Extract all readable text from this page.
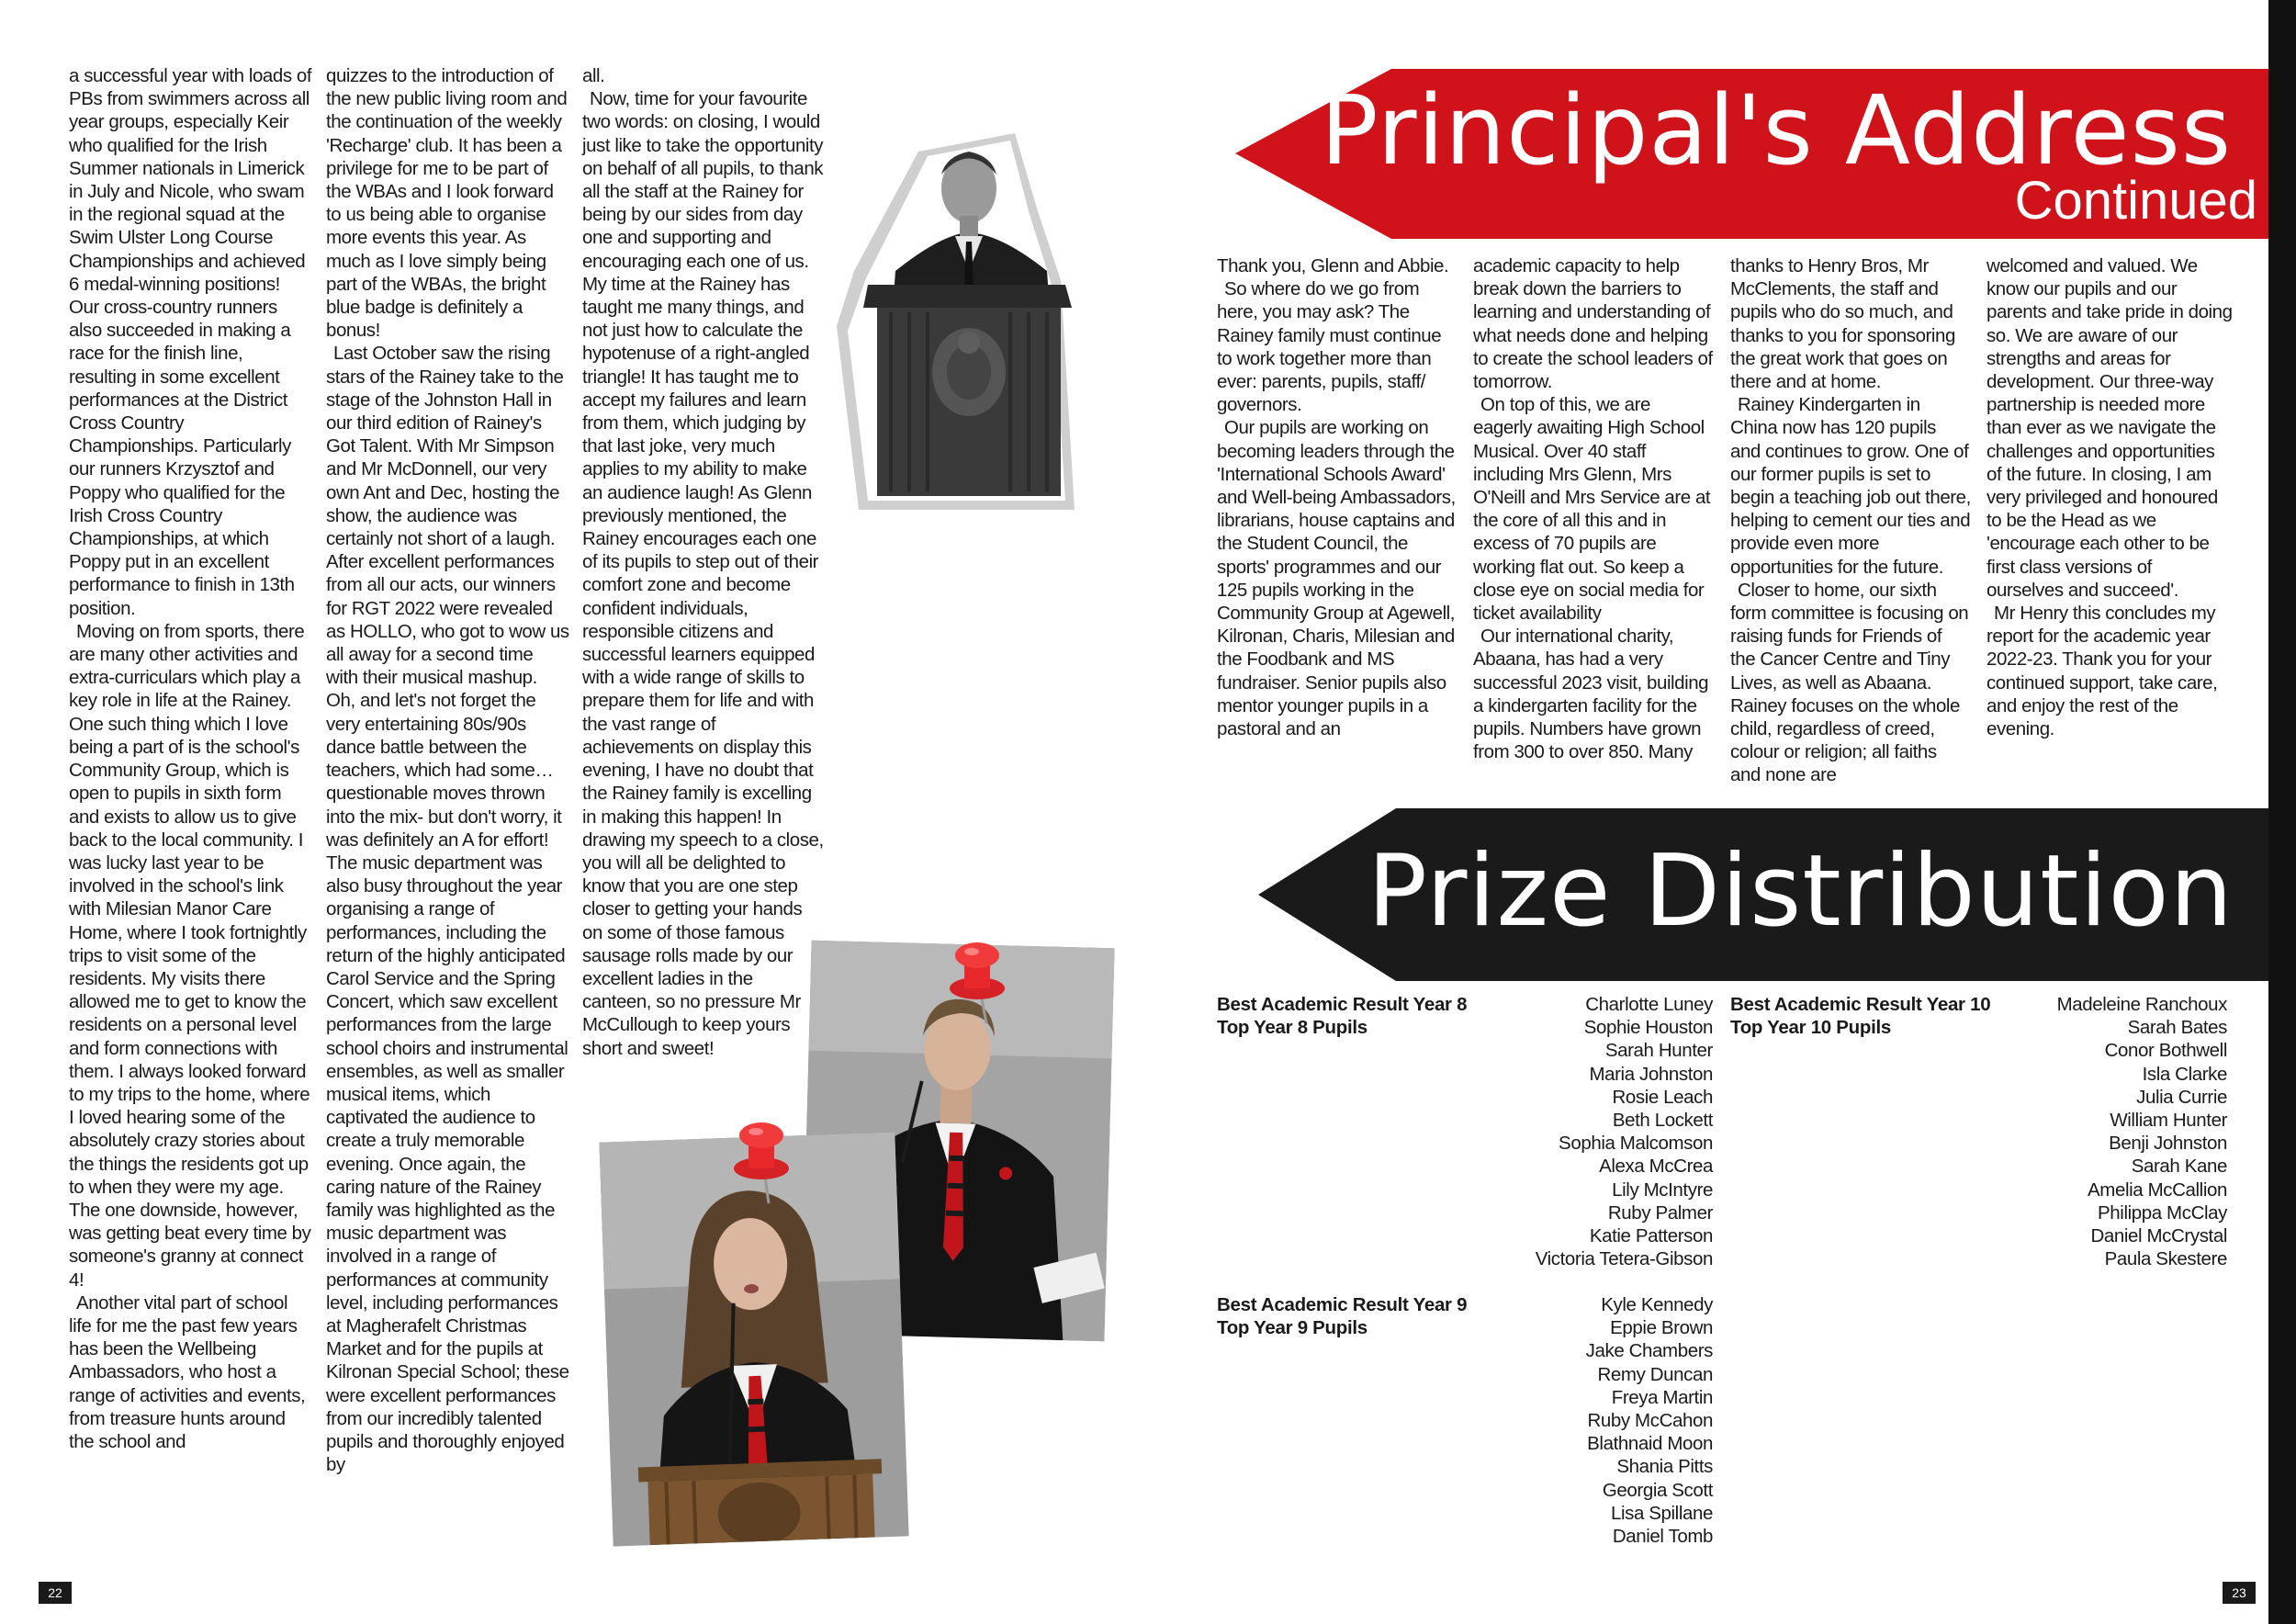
a successful year with loads of PBs from swimmers across all year groups, especially Keir who qualified for the Irish Summer nationals in Limerick in July and Nicole, who swam in the regional squad at the Swim Ulster Long Course Championships and achieved 6 medal-winning positions! Our cross-country runners also succeeded in making a race for the finish line, resulting in some excellent performances at the District Cross Country Championships. Particularly our runners Krzysztof and Poppy who qualified for the Irish Cross Country Championships, at which Poppy put in an excellent performance to finish in 13th position.

Moving on from sports, there are many other activities and extra-curriculars which play a key role in life at the Rainey. One such thing which I love being a part of is the school's Community Group, which is open to pupils in sixth form and exists to allow us to give back to the local community. I was lucky last year to be involved in the school's link with Milesian Manor Care Home, where I took fortnightly trips to visit some of the residents. My visits there allowed me to get to know the residents on a personal level and form connections with them. I always looked forward to my trips to the home, where I loved hearing some of the absolutely crazy stories about the things the residents got up to when they were my age. The one downside, however, was getting beat every time by someone's granny at connect 4!

Another vital part of school life for me the past few years has been the Wellbeing Ambassadors, who host a range of activities and events, from treasure hunts around the school and

quizzes to the introduction of the new public living room and the continuation of the weekly 'Recharge' club. It has been a privilege for me to be part of the WBAs and I look forward to us being able to organise more events this year. As much as I love simply being part of the WBAs, the bright blue badge is definitely a bonus!

Last October saw the rising stars of the Rainey take to the stage of the Johnston Hall in our third edition of Rainey's Got Talent. With Mr Simpson and Mr McDonnell, our very own Ant and Dec, hosting the show, the audience was certainly not short of a laugh. After excellent performances from all our acts, our winners for RGT 2022 were revealed as HOLLO, who got to wow us all away for a second time with their musical mashup. Oh, and let's not forget the very entertaining 80s/90s dance battle between the teachers, which had some… questionable moves thrown into the mix- but don't worry, it was definitely an A for effort! The music department was also busy throughout the year organising a range of performances, including the return of the highly anticipated Carol Service and the Spring Concert, which saw excellent performances from the large school choirs and instrumental ensembles, as well as smaller musical items, which captivated the audience to create a truly memorable evening. Once again, the caring nature of the Rainey family was highlighted as the music department was involved in a range of performances at community level, including performances at Magherafelt Christmas Market and for the pupils at Kilronan Special School; these were excellent performances from our incredibly talented pupils and thoroughly enjoyed by

all.

Now, time for your favourite two words: on closing, I would just like to take the opportunity on behalf of all pupils, to thank all the staff at the Rainey for being by our sides from day one and supporting and encouraging each one of us. My time at the Rainey has taught me many things, and not just how to calculate the hypotenuse of a right-angled triangle! It has taught me to accept my failures and learn from them, which judging by that last joke, very much applies to my ability to make an audience laugh! As Glenn previously mentioned, the Rainey encourages each one of its pupils to step out of their comfort zone and become confident individuals, responsible citizens and successful learners equipped with a wide range of skills to prepare them for life and with the vast range of achievements on display this evening, I have no doubt that the Rainey family is excelling in making this happen! In drawing my speech to a close, you will all be delighted to know that you are one step closer to getting your hands on some of those famous sausage rolls made by our excellent ladies in the canteen, so no pressure Mr McCullough to keep yours short and sweet!

Principal's Address
Continued

Thank you, Glenn and Abbie.

So where do we go from here, you may ask? The Rainey family must continue to work together more than ever: parents, pupils, staff/ governors.

Our pupils are working on becoming leaders through the 'International Schools Award' and Well-being Ambassadors, librarians, house captains and the Student Council, the sports' programmes and our 125 pupils working in the Community Group at Agewell, Kilronan, Charis, Milesian and the Foodbank and MS fundraiser. Senior pupils also mentor younger pupils in a pastoral and an

academic capacity to help break down the barriers to learning and understanding of what needs done and helping to create the school leaders of tomorrow.

On top of this, we are eagerly awaiting High School Musical. Over 40 staff including Mrs Glenn, Mrs O'Neill and Mrs Service are at the core of all this and in excess of 70 pupils are working flat out. So keep a close eye on social media for ticket availability

Our international charity, Abaana, has had a very successful 2023 visit, building a kindergarten facility for the pupils. Numbers have grown from 300 to over 850. Many

thanks to Henry Bros, Mr McClements, the staff and pupils who do so much, and thanks to you for sponsoring the great work that goes on there and at home.

Rainey Kindergarten in China now has 120 pupils and continues to grow. One of our former pupils is set to begin a teaching job out there, helping to cement our ties and provide even more opportunities for the future.

Closer to home, our sixth form committee is focusing on raising funds for Friends of the Cancer Centre and Tiny Lives, as well as Abaana. Rainey focuses on the whole child, regardless of creed, colour or religion; all faiths and none are

welcomed and valued. We know our pupils and our parents and take pride in doing so. We are aware of our strengths and areas for development. Our three-way partnership is needed more than ever as we navigate the challenges and opportunities of the future. In closing, I am very privileged and honoured to be the Head as we 'encourage each other to be first class versions of ourselves and succeed'.

Mr Henry this concludes my report for the academic year 2022-23. Thank you for your continued support, take care, and enjoy the rest of the evening.

Prize Distribution
Best Academic Result Year 8
Top Year 8 Pupils
Charlotte Luney
Sophie Houston
Sarah Hunter
Maria Johnston
Rosie Leach
Beth Lockett
Sophia Malcomson
Alexa McCrea
Lily McIntyre
Ruby Palmer
Katie Patterson
Victoria Tetera-Gibson
Best Academic Result Year 9
Top Year 9 Pupils
Kyle Kennedy
Eppie Brown
Jake Chambers
Remy Duncan
Freya Martin
Ruby McCahon
Blathnaid Moon
Shania Pitts
Georgia Scott
Lisa Spillane
Daniel Tomb
Best Academic Result Year 10
Top Year 10 Pupils
Madeleine Ranchoux
Sarah Bates
Conor Bothwell
Isla Clarke
Julia Currie
William Hunter
Benji Johnston
Sarah Kane
Amelia McCallion
Philippa McClay
Daniel McCrystal
Paula Skestere
22	23
